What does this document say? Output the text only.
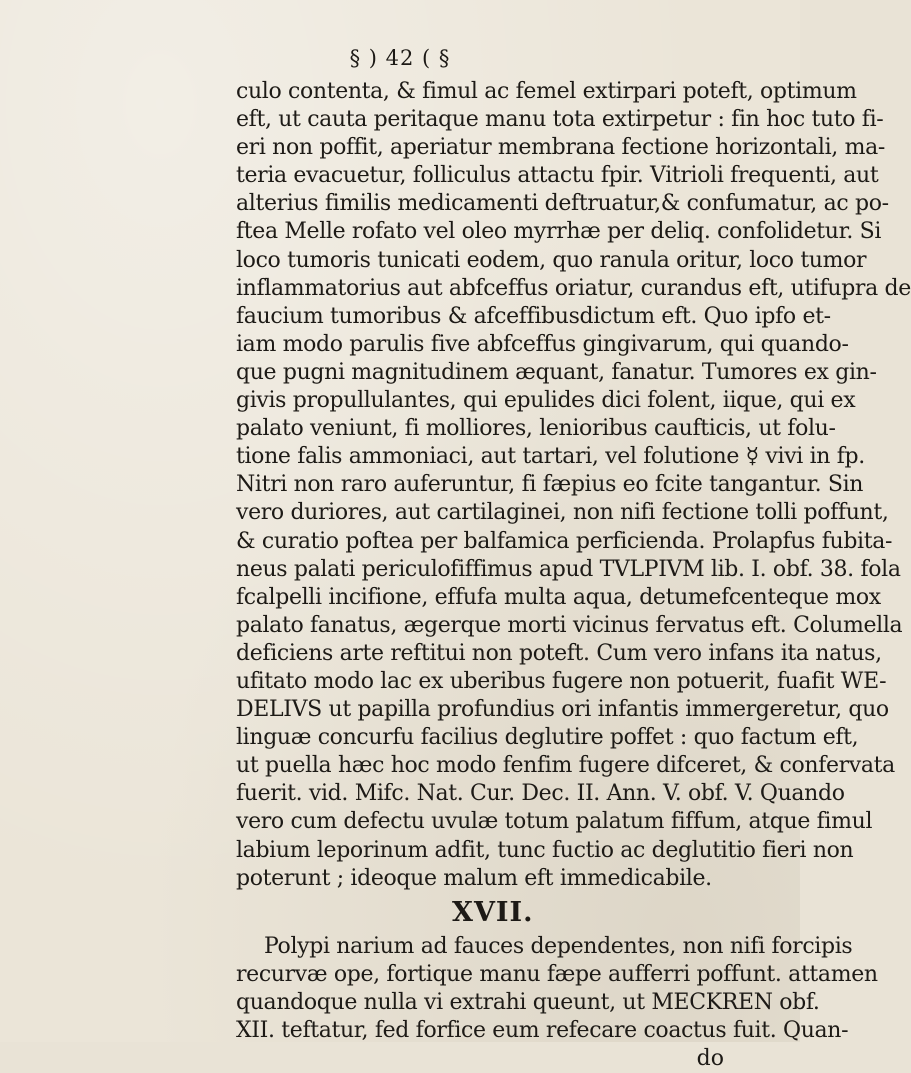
§ ) 42 ( §
culo contenta, & fimul ac femel extirpari poteft, optimum
eft, ut cauta peritaque manu tota extirpetur : fin hoc tuto fi-
eri non poffit, aperiatur membrana fectione horizontali, ma-
teria evacuetur, folliculus attactu fpir. Vitrioli frequenti, aut
alterius fimilis medicamenti deftruatur,& confumatur, ac po-
ftea Melle rofato vel oleo myrrhæ per deliq. confolidetur. Si
loco tumoris tunicati eodem, quo ranula oritur, loco tumor
inflammatorius aut abfceffus oriatur, curandus eft, utifupra de
faucium tumoribus & afceffibusdictum eft. Quo ipfo et-
iam modo parulis five abfceffus gingivarum, qui quando-
que pugni magnitudinem æquant, fanatur. Tumores ex gin-
givis propullulantes, qui epulides dici folent, iique, qui ex
palato veniunt, fi molliores, lenioribus caufticis, ut folu-
tione falis ammoniaci, aut tartari, vel folutione ☿ vivi in fp.
Nitri non raro auferuntur, fi fæpius eo fcite tangantur. Sin
vero duriores, aut cartilaginei, non nifi fectione tolli poffunt,
& curatio poftea per balfamica perficienda. Prolapfus fubita-
neus palati periculofiffimus apud TVLPIVM lib. I. obf. 38. fola
fcalpelli incifione, effufa multa aqua, detumefcenteque mox
palato fanatus, ægerque morti vicinus fervatus eft. Columella
deficiens arte reftitui non poteft. Cum vero infans ita natus,
ufitato modo lac ex uberibus fugere non potuerit, fuafit WE-
DELIVS ut papilla profundius ori infantis immergeretur, quo
linguæ concurfu facilius deglutire poffet : quo factum eft,
ut puella hæc hoc modo fenfim fugere difceret, & confervata
fuerit. vid. Mifc. Nat. Cur. Dec. II. Ann. V. obf. V. Quando
vero cum defectu uvulæ totum palatum fiffum, atque fimul
labium leporinum adfit, tunc fuctio ac deglutitio fieri non
poterunt ; ideoque malum eft immedicabile.
XVII.
Polypi narium ad fauces dependentes, non nifi forcipis
recurvæ ope, fortique manu fæpe aufferri poffunt. attamen
quandoque nulla vi extrahi queunt, ut MECKREN obf.
XII. teftatur, fed forfice eum refecare coactus fuit. Quan-
do
